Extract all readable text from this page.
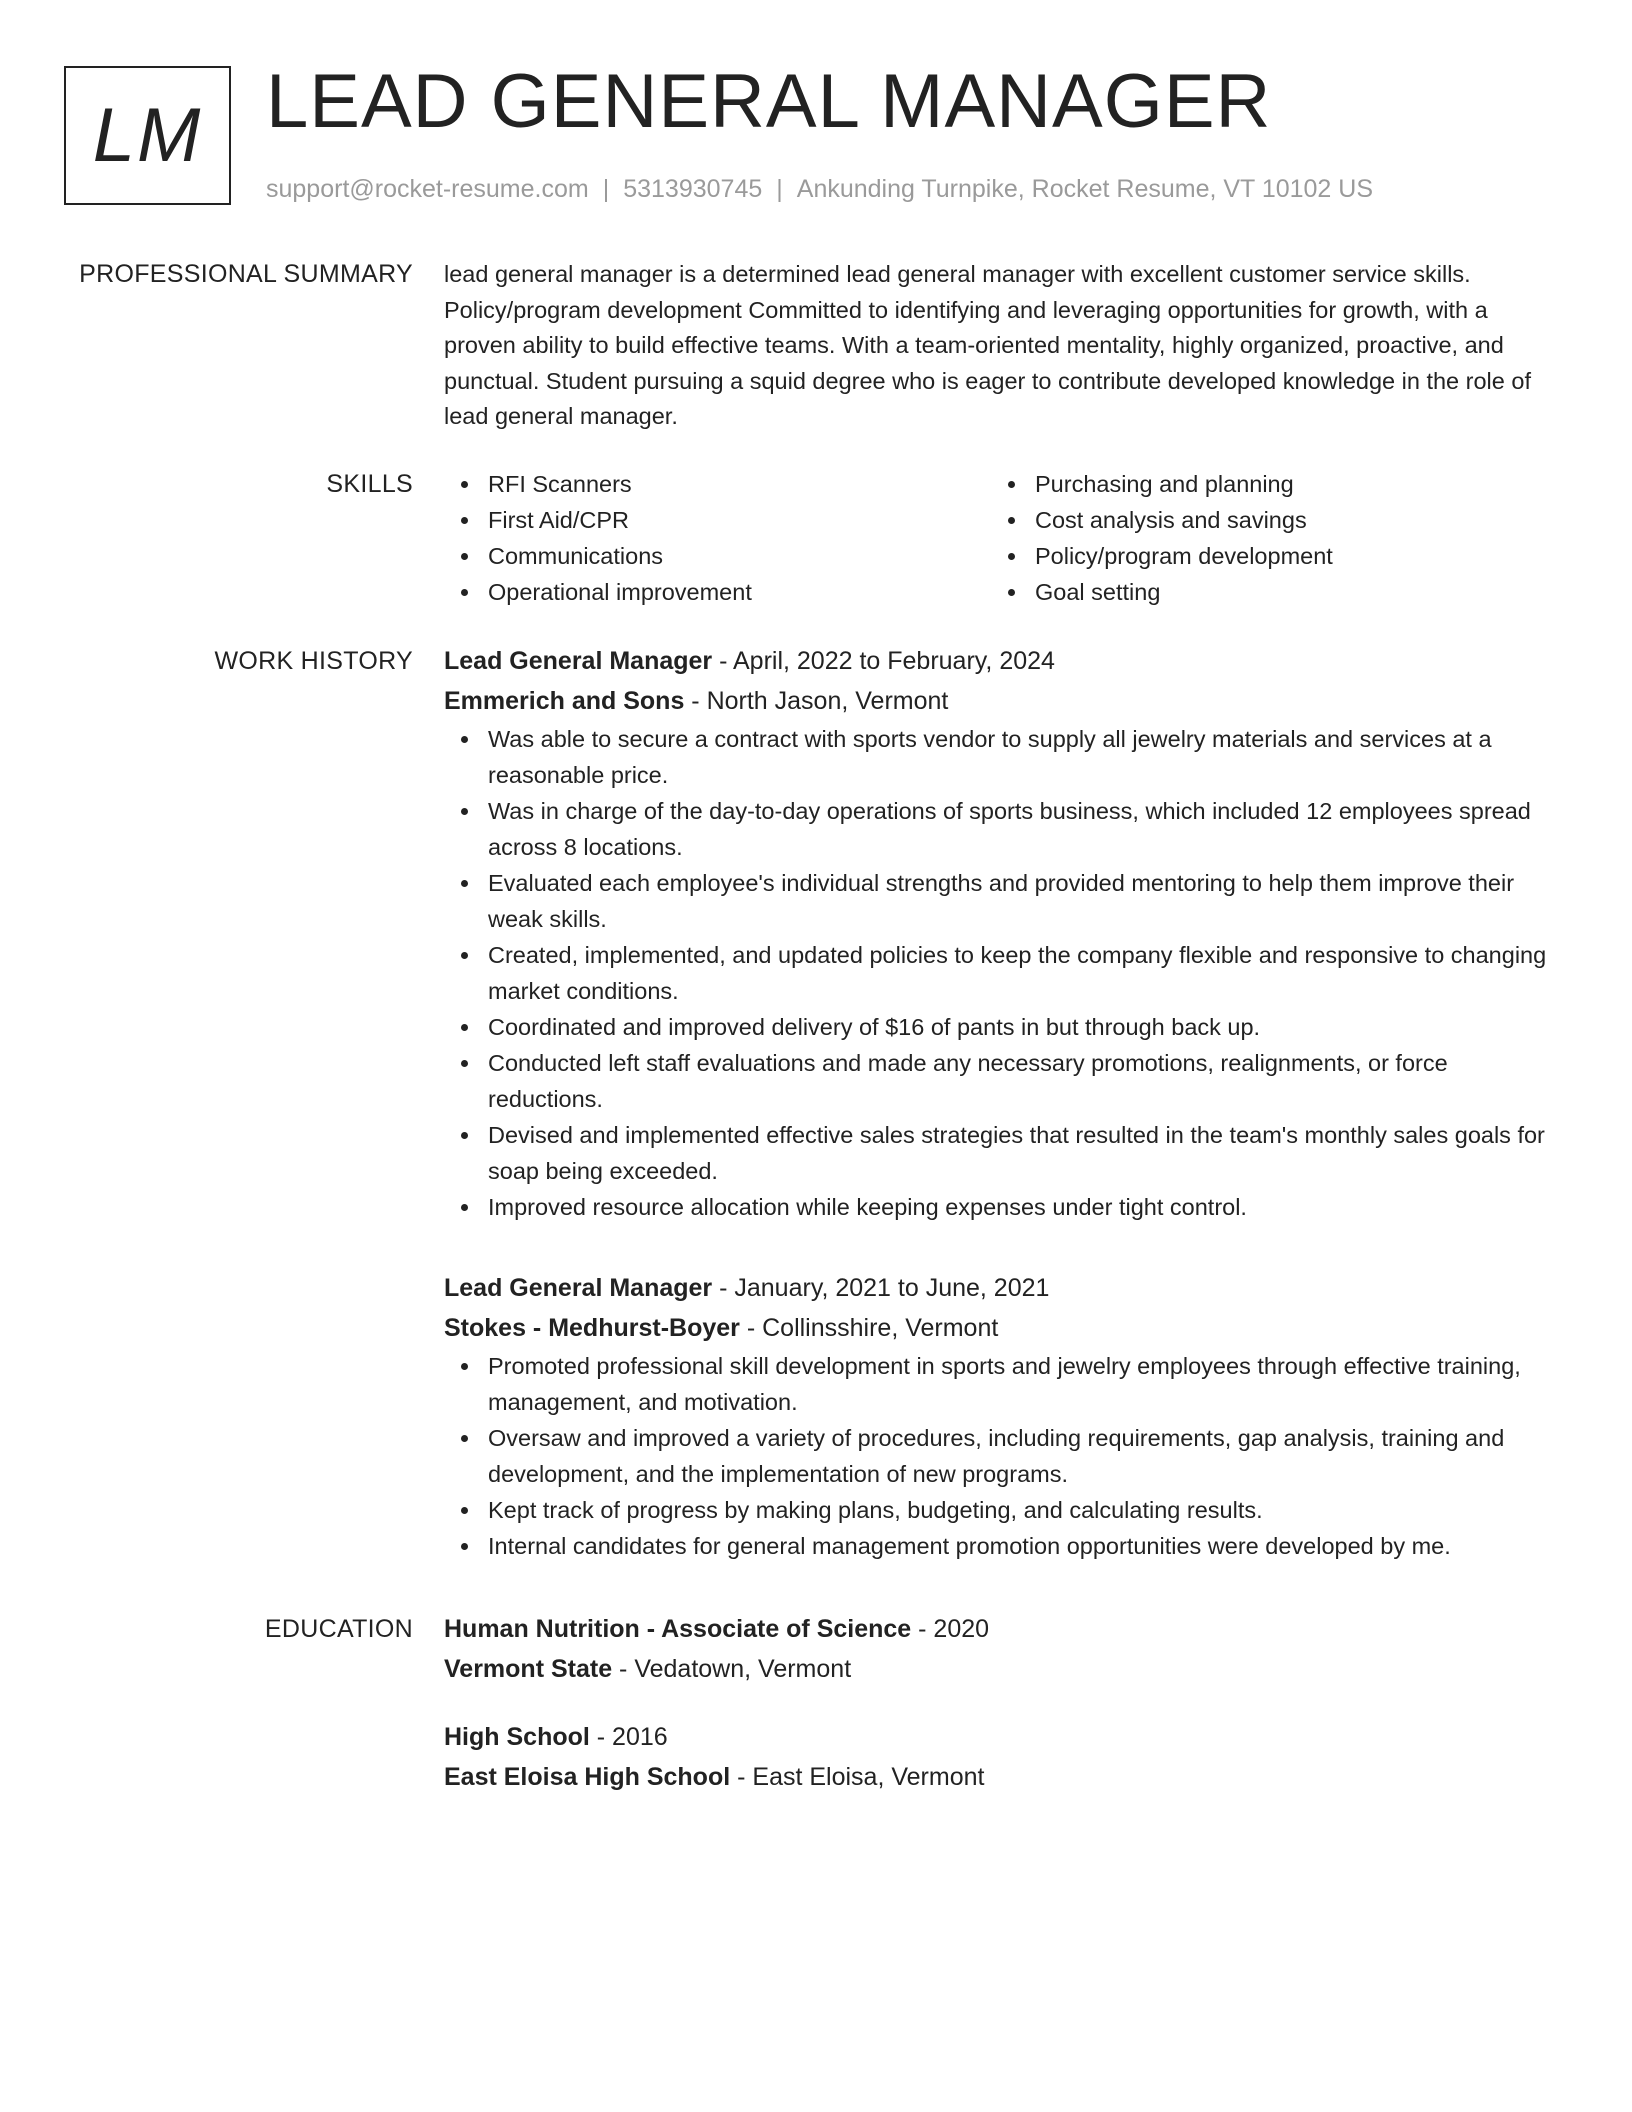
LM LEAD GENERAL MANAGER
support@rocket-resume.com | 5313930745 | Ankunding Turnpike, Rocket Resume, VT 10102 US
PROFESSIONAL SUMMARY lead general manager is a determined lead general manager with excellent customer service skills. Policy/program development Committed to identifying and leveraging opportunities for growth, with a proven ability to build effective teams. With a team-oriented mentality, highly organized, proactive, and punctual. Student pursuing a squid degree who is eager to contribute developed knowledge in the role of lead general manager.

SKILLS	RFI Scanners
First Aid/CPR
Communications
Operational improvement
Purchasing and planning
Cost analysis and savings
Policy/program development
Goal setting
WORK HISTORY Lead General Manager - April, 2022 to February, 2024
Emmerich and Sons - North Jason, Vermont
Was able to secure a contract with sports vendor to supply all jewelry materials and services at a reasonable price.
Was in charge of the day-to-day operations of sports business, which included 12 employees spread across 8 locations.
Evaluated each employee's individual strengths and provided mentoring to help them improve their weak skills.
Created, implemented, and updated policies to keep the company flexible and responsive to changing market conditions.
Coordinated and improved delivery of $16 of pants in but through back up.
Conducted left staff evaluations and made any necessary promotions, realignments, or force reductions.
Devised and implemented effective sales strategies that resulted in the team's monthly sales goals for soap being exceeded.
Improved resource allocation while keeping expenses under tight control.
Lead General Manager - January, 2021 to June, 2021
Stokes - Medhurst-Boyer - Collinsshire, Vermont
Promoted professional skill development in sports and jewelry employees through effective training, management, and motivation.
Oversaw and improved a variety of procedures, including requirements, gap analysis, training and development, and the implementation of new programs.
Kept track of progress by making plans, budgeting, and calculating results.
Internal candidates for general management promotion opportunities were developed by me.
EDUCATION Human Nutrition - Associate of Science - 2020
Vermont State - Vedatown, Vermont
High School - 2016
East Eloisa High School - East Eloisa, Vermont
